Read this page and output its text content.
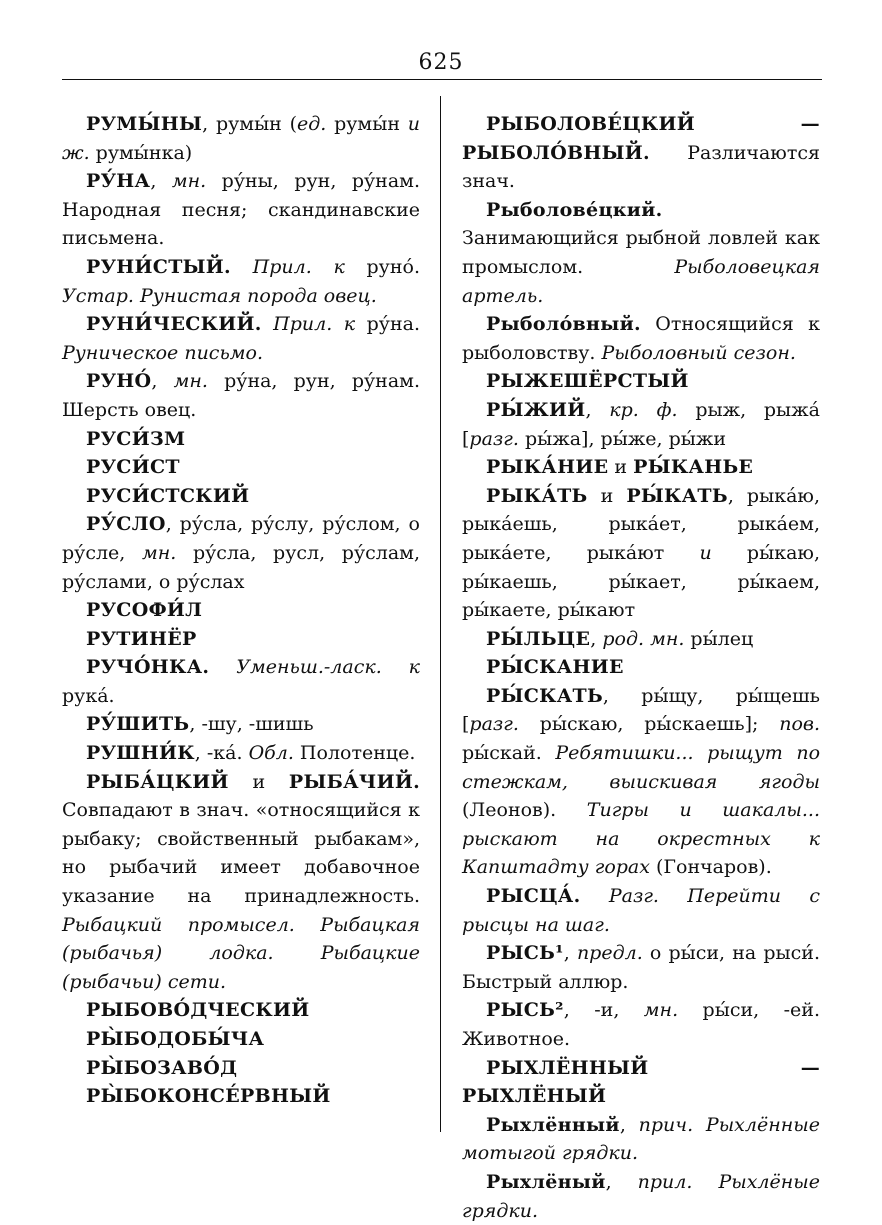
625

РУМЫ́НЫ, румы́н (ед. румы́н и ж. румы́нка)

РУ́НА, мн. ру́ны, рун, ру́нам. Народная песня; скандинавские письмена.

РУНИ́СТЫЙ. Прил. к руно́. Устар. Рунистая порода овец.

РУНИ́ЧЕСКИЙ. Прил. к ру́на. Руническое письмо.

РУНО́, мн. ру́на, рун, ру́нам. Шерсть овец.

РУСИ́ЗМ

РУСИ́СТ

РУСИ́СТСКИЙ

РУ́СЛО, ру́сла, ру́слу, ру́слом, о ру́сле, мн. ру́сла, русл, ру́слам, ру́слами, о ру́слах

РУСОФИ́Л

РУТИНЁР

РУЧО́НКА. Уменьш.-ласк. к рука́.

РУ́ШИТЬ, -шу, -шишь

РУШНИ́К, -ка́. Обл. Полотенце.

РЫБА́ЦКИЙ и РЫБА́ЧИЙ. Совпадают в знач. «относящийся к рыбаку; свойственный рыбакам», но рыбачий имеет добавочное указание на принадлежность. Рыбацкий промысел. Рыбацкая (рыбачья) лодка. Рыбацкие (рыбачьи) сети.

РЫБОВО́ДЧЕСКИЙ

РЫ̀БОДОБЫ́ЧА

РЫ̀БОЗАВО́Д

РЫ̀БОКОНСЕ́РВНЫЙ

РЫБОЛОВЕ́ЦКИЙ — РЫБОЛО́ВНЫЙ. Различаются знач.

Рыболове́цкий. Занимающийся рыбной ловлей как промыслом. Рыболовецкая артель.

Рыболо́вный. Относящийся к рыболовству. Рыболовный сезон.

РЫЖЕШЁРСТЫЙ

РЫ́ЖИЙ, кр. ф. рыж, рыжа́ [разг. ры́жа], ры́же, ры́жи

РЫКА́НИЕ и РЫ́КАНЬЕ

РЫКА́ТЬ и РЫ́КАТЬ, рыка́ю, рыка́ешь, рыка́ет, рыка́ем, рыка́ете, рыка́ют и ры́каю, ры́каешь, ры́кает, ры́каем, ры́каете, ры́кают

РЫ́ЛЬЦЕ, род. мн. ры́лец

РЫ́СКАНИЕ

РЫ́СКАТЬ, ры́щу, ры́щешь [разг. ры́скаю, ры́скаешь]; пов. ры́скай. Ребятишки... рыщут по стежкам, выискивая ягоды (Леонов). Тигры и шакалы... рыскают на окрестных к Капштадту горах (Гончаров).

РЫСЦА́. Разг. Перейти с рысцы на шаг.

РЫСЬ¹, предл. о ры́си, на рыси́. Быстрый аллюр.

РЫСЬ², -и, мн. ры́си, -ей. Животное.

РЫХЛЁННЫЙ — РЫХЛЁНЫЙ

Рыхлённый, прич. Рыхлённые мотыгой грядки.

Рыхлёный, прил. Рыхлёные грядки.
